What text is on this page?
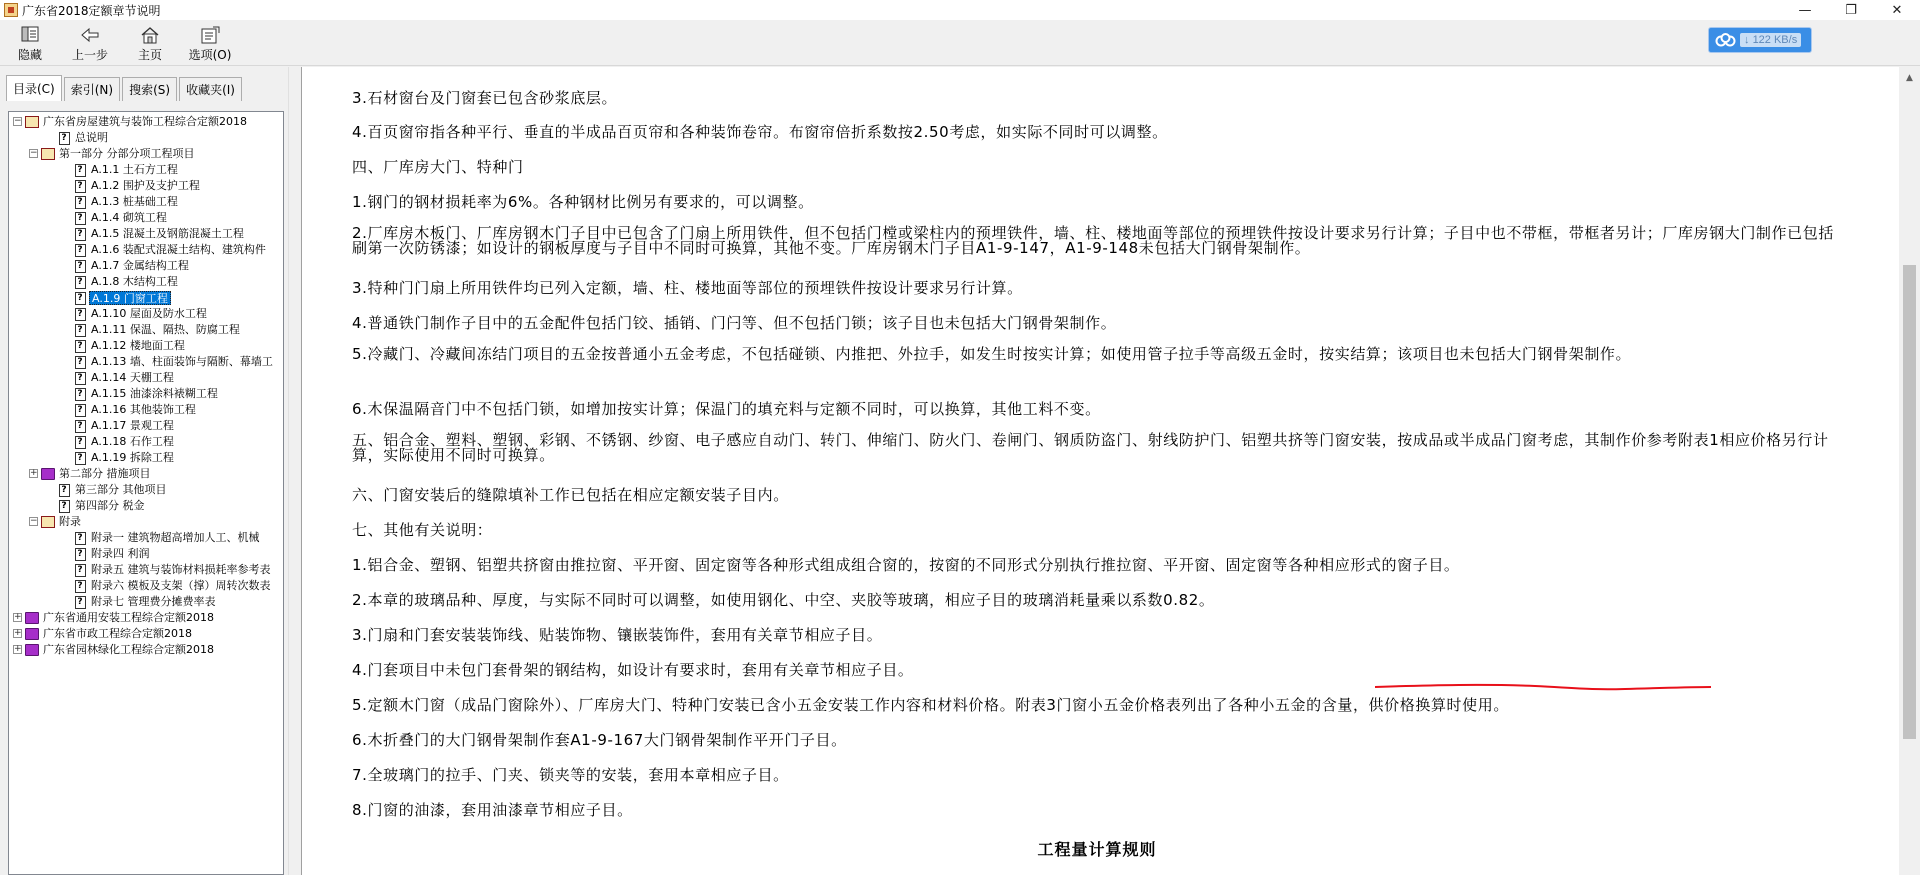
广东省2018定额章节说明	—	❐	✕
隐藏 上一步 主页 选项(O)
↓ 122 KB/s
目录(C)	索引(N)	搜索(S)	收藏夹(I)
− 广东省房屋建筑与装饰工程综合定额2018
? 总说明
− 第一部分 分部分项工程项目
? A.1.1 土石方工程
? A.1.2 围护及支护工程
? A.1.3 桩基础工程
? A.1.4 砌筑工程
? A.1.5 混凝土及钢筋混凝土工程
? A.1.6 装配式混凝土结构、建筑构件
? A.1.7 金属结构工程
? A.1.8 木结构工程
? A.1.9 门窗工程
? A.1.10 屋面及防水工程
? A.1.11 保温、隔热、防腐工程
? A.1.12 楼地面工程
? A.1.13 墙、柱面装饰与隔断、幕墙工
? A.1.14 天棚工程
? A.1.15 油漆涂料裱糊工程
? A.1.16 其他装饰工程
? A.1.17 景观工程
? A.1.18 石作工程
? A.1.19 拆除工程
+ 第二部分 措施项目
? 第三部分 其他项目
? 第四部分 税金
− 附录
? 附录一 建筑物超高增加人工、机械
? 附录四 利润
? 附录五 建筑与装饰材料损耗率参考表
? 附录六 模板及支架（撑）周转次数表
? 附录七 管理费分摊费率表
+ 广东省通用安装工程综合定额2018
+ 广东省市政工程综合定额2018
+ 广东省园林绿化工程综合定额2018
3.石材窗台及门窗套已包含砂浆底层。
4.百页窗帘指各种平行、垂直的半成品百页帘和各种装饰卷帘。布窗帘倍折系数按2.50考虑，如实际不同时可以调整。
四、厂库房大门、特种门
1.钢门的钢材损耗率为6%。各种钢材比例另有要求的，可以调整。
2.厂库房木板门、厂库房钢木门子目中已包含了门扇上所用铁件，但不包括门樘或梁柱内的预埋铁件，墙、柱、楼地面等部位的预埋铁件按设计要求另行计算；子目中也不带框，带框者另计；厂库房钢大门制作已包括刷第一次防锈漆；如设计的钢板厚度与子目中不同时可换算，其他不变。厂库房钢木门子目A1-9-147，A1-9-148未包括大门钢骨架制作。
3.特种门门扇上所用铁件均已列入定额，墙、柱、楼地面等部位的预埋铁件按设计要求另行计算。
4.普通铁门制作子目中的五金配件包括门铰、插销、门闩等、但不包括门锁；该子目也未包括大门钢骨架制作。
5.冷藏门、冷藏间冻结门项目的五金按普通小五金考虑，不包括碰锁、内推把、外拉手，如发生时按实计算；如使用管子拉手等高级五金时，按实结算；该项目也未包括大门钢骨架制作。
6.木保温隔音门中不包括门锁，如增加按实计算；保温门的填充料与定额不同时，可以换算，其他工料不变。
五、铝合金、塑料、塑钢、彩钢、不锈钢、纱窗、电子感应自动门、转门、伸缩门、防火门、卷闸门、钢质防盗门、射线防护门、铝塑共挤等门窗安装，按成品或半成品门窗考虑，其制作价参考附表1相应价格另行计算，实际使用不同时可换算。
六、门窗安装后的缝隙填补工作已包括在相应定额安装子目内。
七、其他有关说明：
1.铝合金、塑钢、铝塑共挤窗由推拉窗、平开窗、固定窗等各种形式组成组合窗的，按窗的不同形式分别执行推拉窗、平开窗、固定窗等各种相应形式的窗子目。
2.本章的玻璃品种、厚度，与实际不同时可以调整，如使用钢化、中空、夹胶等玻璃，相应子目的玻璃消耗量乘以系数0.82。
3.门扇和门套安装装饰线、贴装饰物、镶嵌装饰件，套用有关章节相应子目。
4.门套项目中未包门套骨架的钢结构，如设计有要求时，套用有关章节相应子目。
5.定额木门窗（成品门窗除外）、厂库房大门、特种门安装已含小五金安装工作内容和材料价格。附表3门窗小五金价格表列出了各种小五金的含量，供价格换算时使用。
6.木折叠门的大门钢骨架制作套A1-9-167大门钢骨架制作平开门子目。
7.全玻璃门的拉手、门夹、锁夹等的安装，套用本章相应子目。
8.门窗的油漆，套用油漆章节相应子目。
工程量计算规则
▲
